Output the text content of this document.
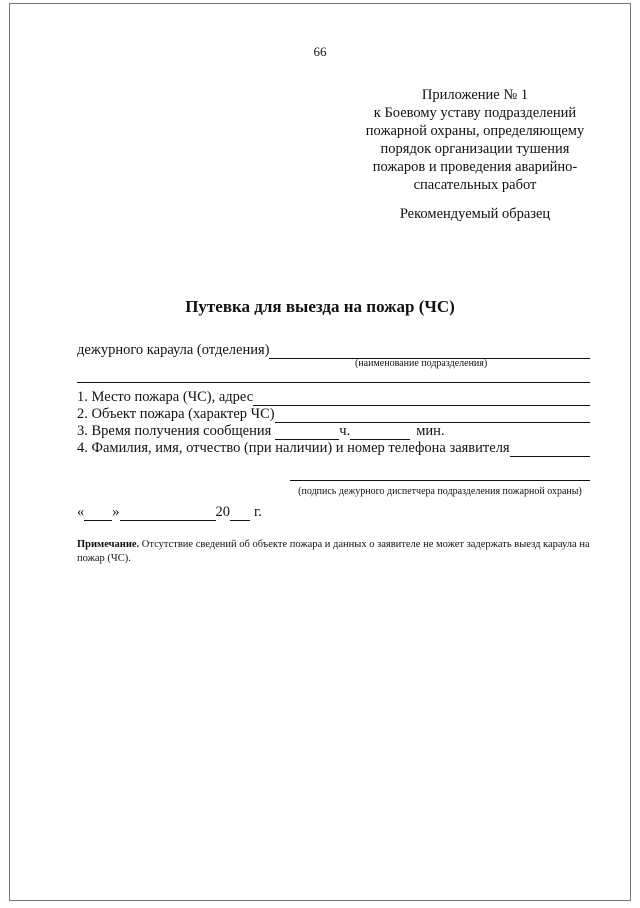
66
Приложение № 1
к Боевому уставу подразделений
пожарной охраны, определяющему
порядок организации тушения
пожаров и проведения аварийно-
спасательных работ
Рекомендуемый образец
Путевка для выезда на пожар (ЧС)
дежурного караула (отделения)
(наименование подразделения)
1. Место пожара (ЧС), адрес
2. Объект пожара (характер ЧС)
3. Время получения сообщения	ч.	мин.
4. Фамилия, имя, отчество (при наличии) и номер телефона заявителя
(подпись дежурного диспетчера подразделения пожарной охраны)
« »	20 г.
Примечание. Отсутствие сведений об объекте пожара и данных о заявителе не может задержать выезд караула на пожар (ЧС).
